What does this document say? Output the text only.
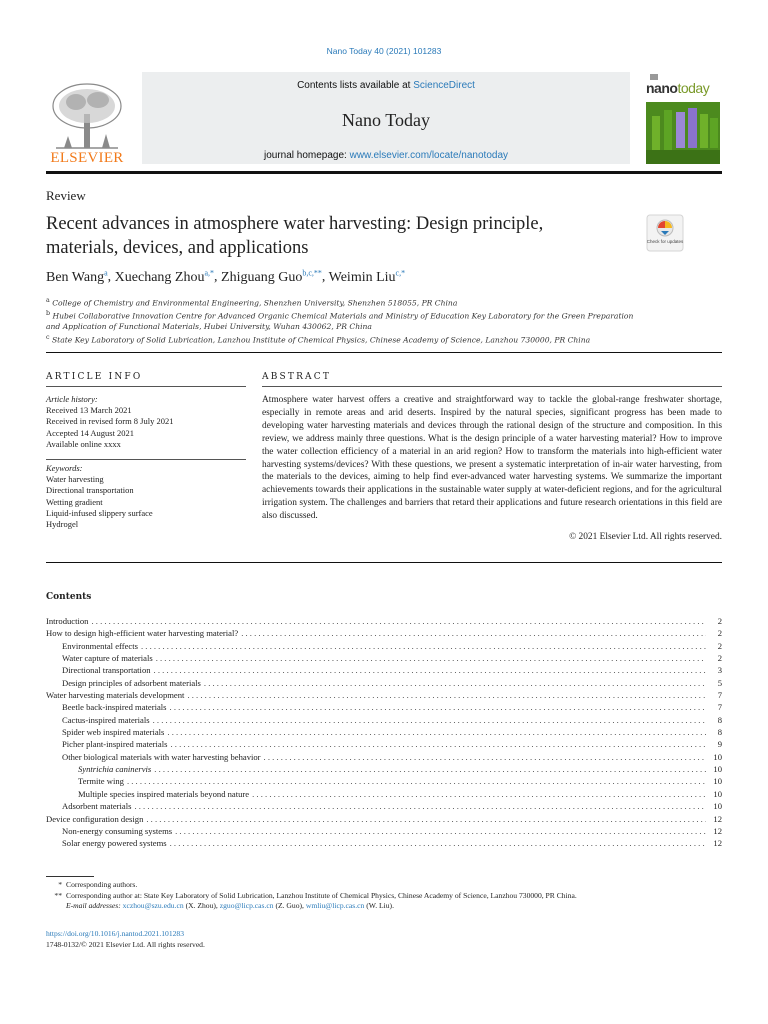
Nano Today 40 (2021) 101283
ELSEVIER
Contents lists available at ScienceDirect
Nano Today
journal homepage: www.elsevier.com/locate/nanotoday
nanotoday
Review
Recent advances in atmosphere water harvesting: Design principle,
materials, devices, and applications	Check for updates
Ben Wang$^a$, Xuechang Zhou$^{a,*}$, Zhiguang Guo$^{b,c,**}$, Weimin Liu$^{c,*}$

$^a$ College of Chemistry and Environmental Engineering, Shenzhen University, Shenzhen 518055, PR China

$^b$ Hubei Collaborative Innovation Centre for Advanced Organic Chemical Materials and Ministry of Education Key Laboratory for the Green Preparation and Application of Functional Materials, Hubei University, Wuhan 430062, PR China

$^c$ State Key Laboratory of Solid Lubrication, Lanzhou Institute of Chemical Physics, Chinese Academy of Science, Lanzhou 730000, PR China

ARTICLE INFO
Article history:
Received 13 March 2021
Received in revised form 8 July 2021
Accepted 14 August 2021
Available online xxxx
Keywords:
Water harvesting
Directional transportation
Wetting gradient
Liquid-infused slippery surface
Hydrogel
ABSTRACT
Atmosphere water harvest offers a creative and straightforward way to tackle the global-range freshwater shortage, especially in remote areas and arid deserts. Inspired by the natural species, significant progress has been made to developing water harvesting materials and devices through the rational design of the structure and composition. In this review, we address mainly three questions. What is the design principle of a water harvesting material? How to improve the water collection efficiency of a material in an arid region? How to transform the materials into high-efficient water harvesting systems/devices? With these questions, we present a systematic interpretation of in-air water harvesting, from the materials to the devices, aiming to help find ever-advanced water harvesting systems. We summarize the important achievements towards their applications in the sustainable water supply at water-deficient regions, and for the agricultural irrigation system. The challenges and barriers that retard their applications and future research orientations in this field are also discussed.
© 2021 Elsevier Ltd. All rights reserved.
Contents
Introduction . . .	2
How to design high-efficient water harvesting material? . . .	2
Environmental effects . . .	2
Water capture of materials . . .	2
Directional transportation . . .	3
Design principles of adsorbent materials . . .	5
Water harvesting materials development . . .	7
Beetle back-inspired materials . . .	7
Cactus-inspired materials . . .	8
Spider web inspired materials . . .	8
Picher plant-inspired materials . . .	9
Other biological materials with water harvesting behavior . . .	10
Syntrichia caninervis . . .	10
Termite wing . . .	10
Multiple species inspired materials beyond nature . . .	10
Adsorbent materials . . .	10
Device configuration design . . .	12
Non-energy consuming systems . . .	12
Solar energy powered systems . . .	12
* Corresponding authors.
** Corresponding author at: State Key Laboratory of Solid Lubrication, Lanzhou Institute of Chemical Physics, Chinese Academy of Science, Lanzhou 730000, PR China.
E-mail addresses: xczhou@szu.edu.cn (X. Zhou), zguo@licp.cas.cn (Z. Guo), wmliu@licp.cas.cn (W. Liu).
https://doi.org/10.1016/j.nantod.2021.101283
1748-0132/© 2021 Elsevier Ltd. All rights reserved.
